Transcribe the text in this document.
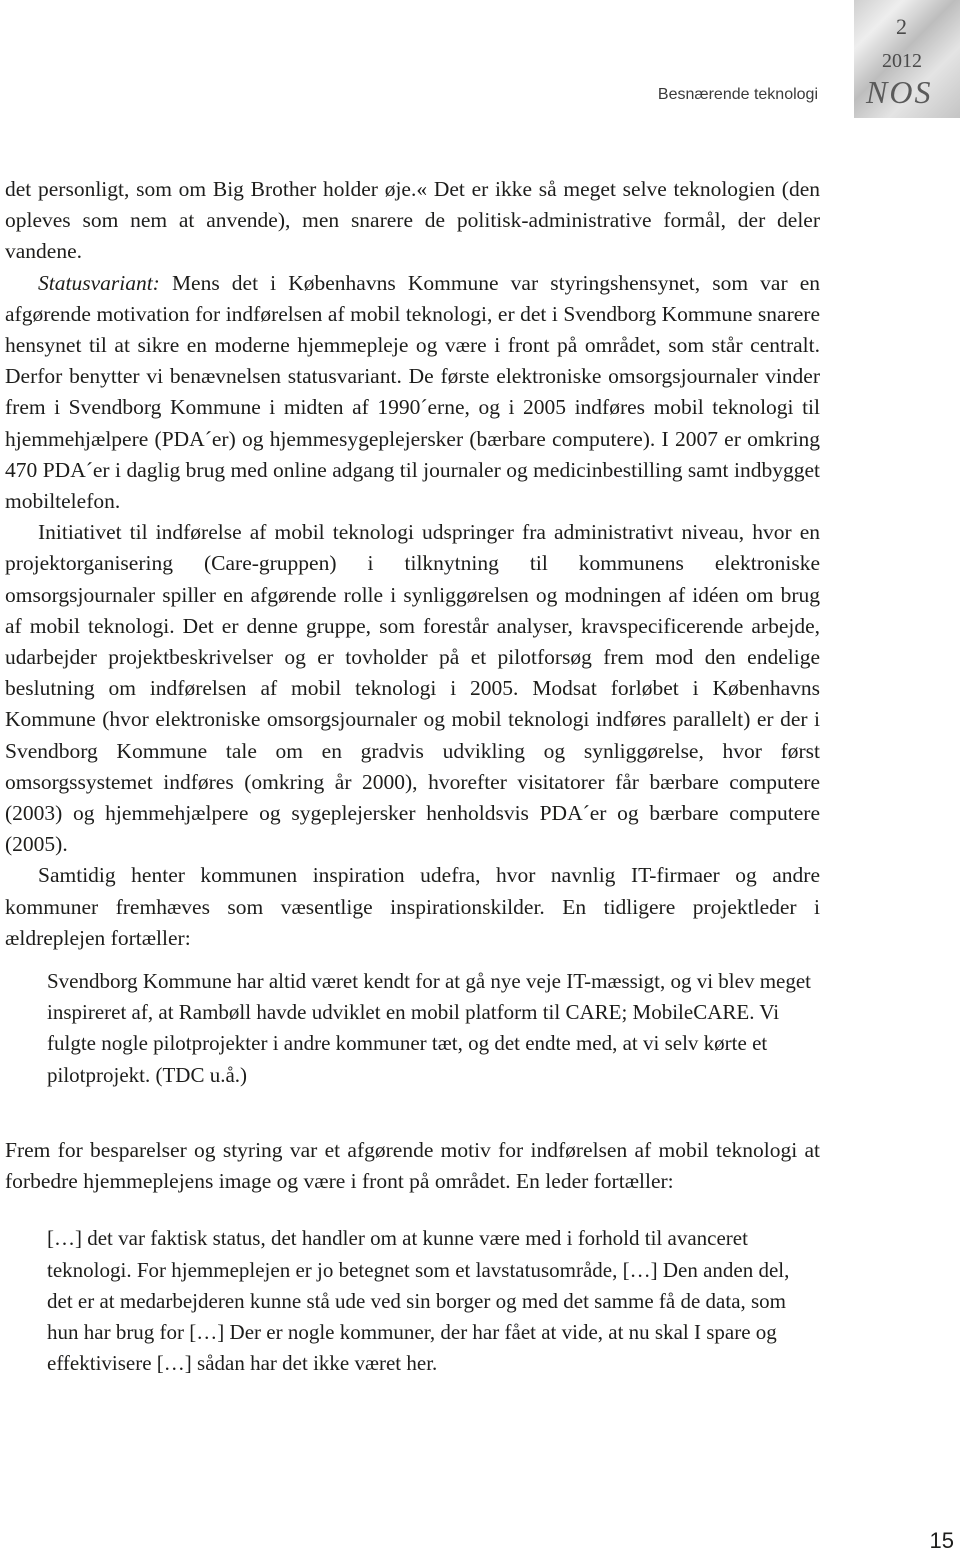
Besnærende teknologi
2
2012
NOS

det personligt, som om Big Brother holder øje.« Det er ikke så meget selve teknologien (den opleves som nem at anvende), men snarere de politisk-administrative formål, der deler vandene.

Statusvariant: Mens det i Københavns Kommune var styringshensynet, som var en afgørende motivation for indførelsen af mobil teknologi, er det i Svendborg Kommune snarere hensynet til at sikre en moderne hjemmepleje og være i front på området, som står centralt. Derfor benytter vi benævnelsen statusvariant. De første elektroniske omsorgsjournaler vinder frem i Svendborg Kommune i midten af 1990´erne, og i 2005 indføres mobil teknologi til hjemmehjælpere (PDA´er) og hjemmesygeplejersker (bærbare computere). I 2007 er omkring 470 PDA´er i daglig brug med online adgang til journaler og medicinbestilling samt indbygget mobiltelefon.

Initiativet til indførelse af mobil teknologi udspringer fra administrativt niveau, hvor en projektorganisering (Care-gruppen) i tilknytning til kommunens elektroniske omsorgsjournaler spiller en afgørende rolle i synliggørelsen og modningen af idéen om brug af mobil teknologi. Det er denne gruppe, som forestår analyser, kravspecificerende arbejde, udarbejder projektbeskrivelser og er tovholder på et pilotforsøg frem mod den endelige beslutning om indførelsen af mobil teknologi i 2005. Modsat forløbet i Københavns Kommune (hvor elektroniske omsorgsjournaler og mobil teknologi indføres parallelt) er der i Svendborg Kommune tale om en gradvis udvikling og synliggørelse, hvor først omsorgssystemet indføres (omkring år 2000), hvorefter visitatorer får bærbare computere (2003) og hjemmehjælpere og sygeplejersker henholdsvis PDA´er og bærbare computere (2005).

Samtidig henter kommunen inspiration udefra, hvor navnlig IT-firmaer og andre kommuner fremhæves som væsentlige inspirationskilder. En tidligere projektleder i ældreplejen fortæller:

Svendborg Kommune har altid været kendt for at gå nye veje IT-mæssigt, og vi blev meget inspireret af, at Rambøll havde udviklet en mobil platform til CARE; MobileCARE. Vi fulgte nogle pilotprojekter i andre kommuner tæt, og det endte med, at vi selv kørte et pilotprojekt. (TDC u.å.)

Frem for besparelser og styring var et afgørende motiv for indførelsen af mobil teknologi at forbedre hjemmeplejens image og være i front på området. En leder fortæller:

[…] det var faktisk status, det handler om at kunne være med i forhold til avanceret teknologi. For hjemmeplejen er jo betegnet som et lavstatusområde, […] Den anden del, det er at medarbejderen kunne stå ude ved sin borger og med det samme få de data, som hun har brug for […] Der er nogle kommuner, der har fået at vide, at nu skal I spare og effektivisere […] sådan har det ikke været her.

15
